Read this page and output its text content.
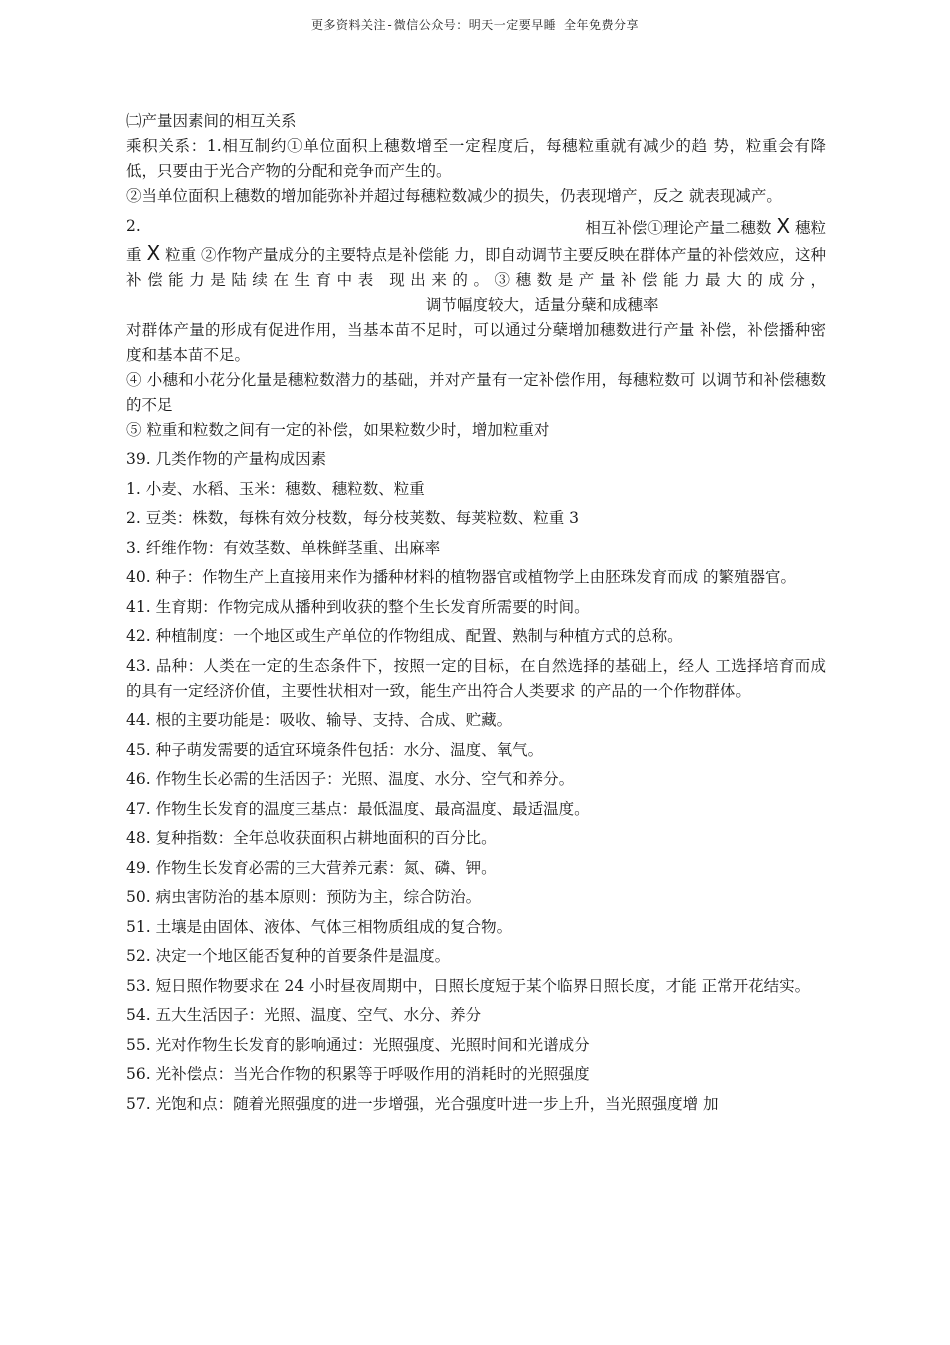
更多资料关注-微信公众号：明天一定要早睡 全年免费分享

㈡产量因素间的相互关系

乘积关系：1.相互制约①单位面积上穗数增至一定程度后，每穗粒重就有减少的趋 势，粒重会有降低，只要由于光合产物的分配和竞争而产生的。

②当单位面积上穗数的增加能弥补并超过每穗粒数减少的损失，仍表现增产，反之 就表现减产。

2.	相互补偿①理论产量二穗数 X 穗粒

重 X 粒重 ②作物产量成分的主要特点是补偿能 力，即自动调节主要反映在群体产量的补偿效应，这种补偿能力是陆续在生育中表 现出来的。③穗数是产量补偿能力最大的成分，调节幅度较大，适量分蘖和成穗率

对群体产量的形成有促进作用，当基本苗不足时，可以通过分蘖增加穗数进行产量 补偿，补偿播种密度和基本苗不足。

④ 小穗和小花分化量是穗粒数潜力的基础，并对产量有一定补偿作用，每穗粒数可 以调节和补偿穗数的不足

⑤ 粒重和粒数之间有一定的补偿，如果粒数少时，增加粒重对

39. 几类作物的产量构成因素

1. 小麦、水稻、玉米：穗数、穗粒数、粒重

2. 豆类：株数，每株有效分枝数，每分枝荚数、每荚粒数、粒重 3

3. 纤维作物：有效茎数、单株鲜茎重、出麻率

40. 种子：作物生产上直接用来作为播种材料的植物器官或植物学上由胚珠发育而成 的繁殖器官。

41. 生育期：作物完成从播种到收获的整个生长发育所需要的时间。

42. 种植制度：一个地区或生产单位的作物组成、配置、熟制与种植方式的总称。

43. 品种：人类在一定的生态条件下，按照一定的目标，在自然选择的基础上，经人 工选择培育而成的具有一定经济价值，主要性状相对一致，能生产出符合人类要求 的产品的一个作物群体。

44. 根的主要功能是：吸收、输导、支持、合成、贮藏。

45. 种子萌发需要的适宜环境条件包括：水分、温度、氧气。

46. 作物生长必需的生活因子：光照、温度、水分、空气和养分。

47. 作物生长发育的温度三基点：最低温度、最高温度、最适温度。

48. 复种指数：全年总收获面积占耕地面积的百分比。

49. 作物生长发育必需的三大营养元素：氮、磷、钾。

50. 病虫害防治的基本原则：预防为主，综合防治。

51. 土壤是由固体、液体、气体三相物质组成的复合物。

52. 决定一个地区能否复种的首要条件是温度。

53. 短日照作物要求在 24 小时昼夜周期中，日照长度短于某个临界日照长度，才能 正常开花结实。

54. 五大生活因子：光照、温度、空气、水分、养分

55. 光对作物生长发育的影响通过：光照强度、光照时间和光谱成分

56. 光补偿点：当光合作物的积累等于呼吸作用的消耗时的光照强度

57. 光饱和点：随着光照强度的进一步增强，光合强度叶进一步上升，当光照强度增 加
